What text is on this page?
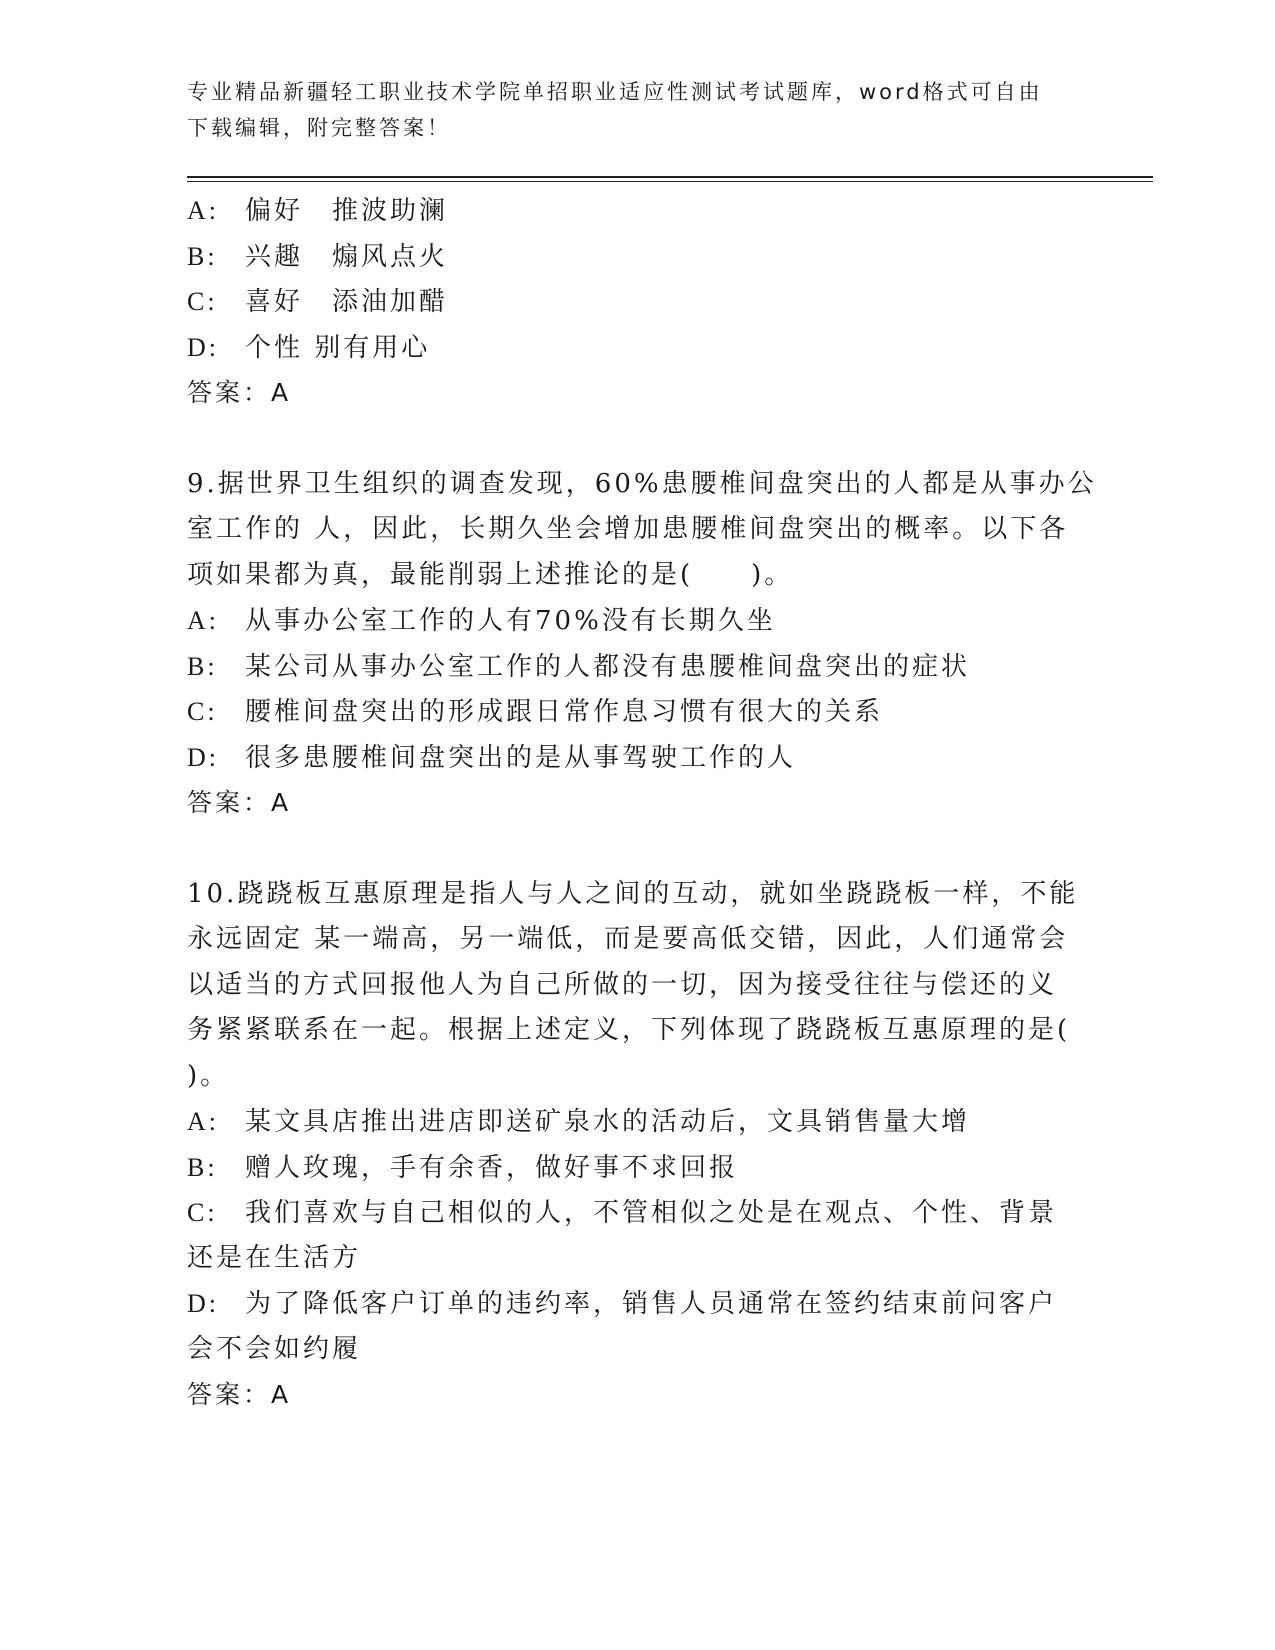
专业精品新疆轻工职业技术学院单招职业适应性测试考试题库，word格式可自由
下载编辑，附完整答案！
A: 偏好　推波助澜
B: 兴趣　煽风点火
C: 喜好　添油加醋
D: 个性 别有用心
答案：A
9.据世界卫生组织的调查发现，60%患腰椎间盘突出的人都是从事办公
室工作的 人，因此，长期久坐会增加患腰椎间盘突出的概率。以下各
项如果都为真，最能削弱上述推论的是(　　)。
A: 从事办公室工作的人有70%没有长期久坐
B: 某公司从事办公室工作的人都没有患腰椎间盘突出的症状
C: 腰椎间盘突出的形成跟日常作息习惯有很大的关系
D: 很多患腰椎间盘突出的是从事驾驶工作的人
答案：A
10.跷跷板互惠原理是指人与人之间的互动，就如坐跷跷板一样，不能
永远固定 某一端高，另一端低，而是要高低交错，因此，人们通常会
以适当的方式回报他人为自己所做的一切，因为接受往往与偿还的义
务紧紧联系在一起。根据上述定义，下列体现了跷跷板互惠原理的是(
)。
A: 某文具店推出进店即送矿泉水的活动后，文具销售量大增
B: 赠人玫瑰，手有余香，做好事不求回报
C: 我们喜欢与自己相似的人，不管相似之处是在观点、个性、背景
还是在生活方
D: 为了降低客户订单的违约率，销售人员通常在签约结束前问客户
会不会如约履
答案：A
